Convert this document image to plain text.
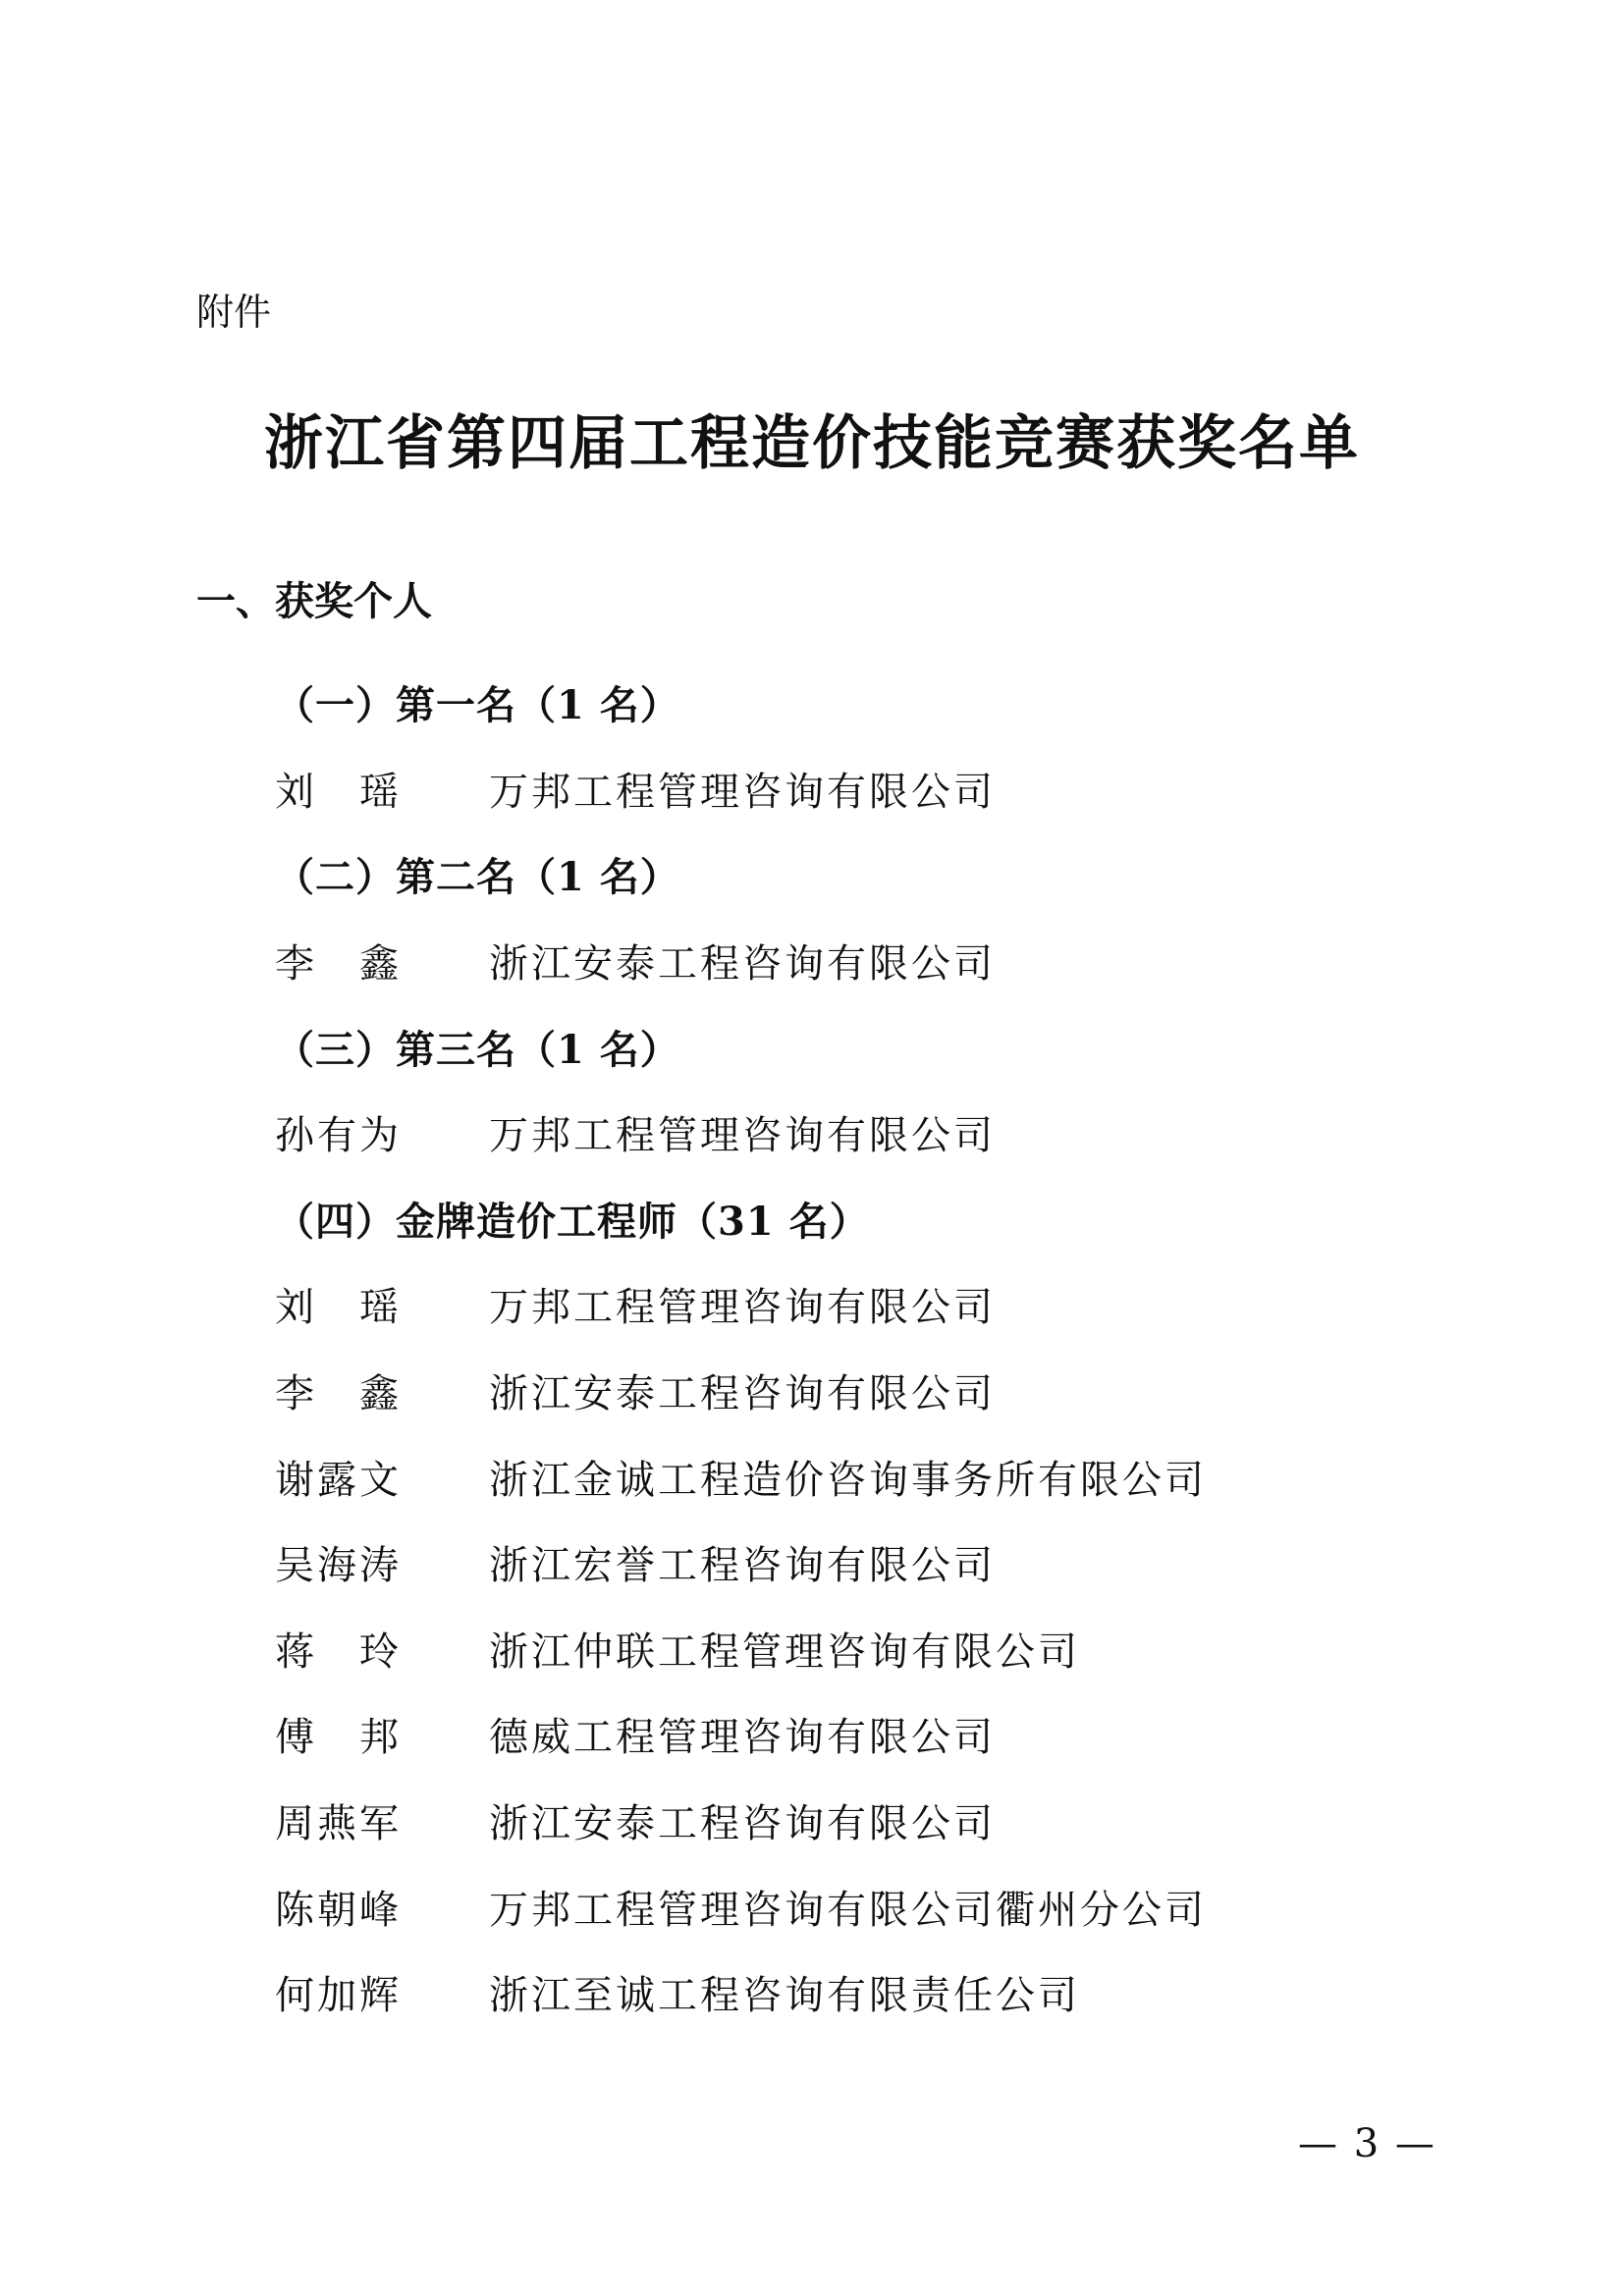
附件
浙江省第四届工程造价技能竞赛获奖名单
一、获奖个人
（一）第一名（1 名）
刘　瑶	万邦工程管理咨询有限公司
（二）第二名（1 名）
李　鑫	浙江安泰工程咨询有限公司
（三）第三名（1 名）
孙有为	万邦工程管理咨询有限公司
（四）金牌造价工程师（31 名）
刘　瑶	万邦工程管理咨询有限公司
李　鑫	浙江安泰工程咨询有限公司
谢露文	浙江金诚工程造价咨询事务所有限公司
吴海涛	浙江宏誉工程咨询有限公司
蒋　玲	浙江仲联工程管理咨询有限公司
傅　邦	德威工程管理咨询有限公司
周燕军	浙江安泰工程咨询有限公司
陈朝峰	万邦工程管理咨询有限公司衢州分公司
何加辉	浙江至诚工程咨询有限责任公司
— 3 —
